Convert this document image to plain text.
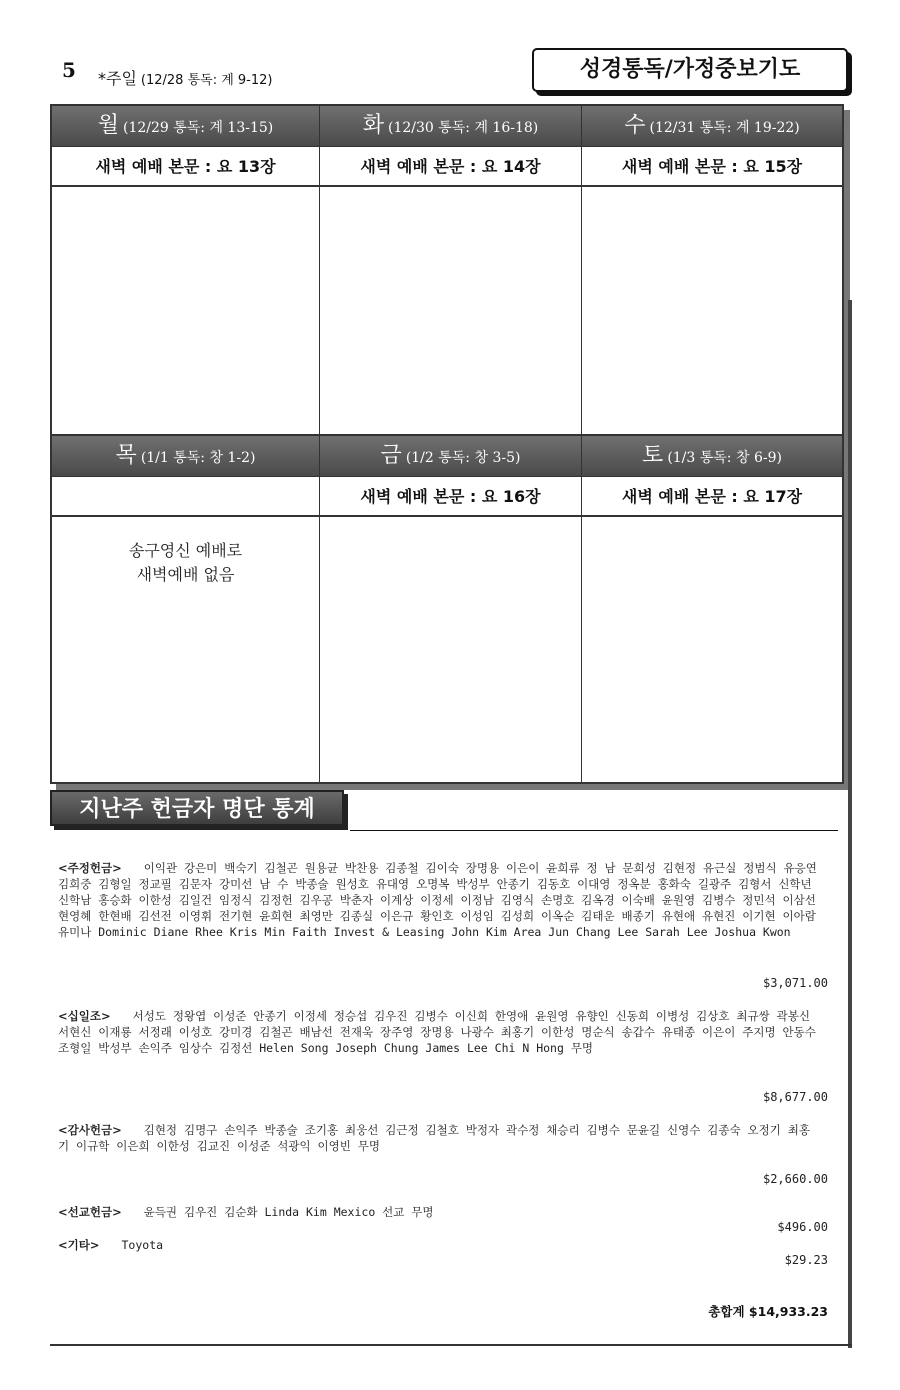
5 *주일 (12/28 통독: 계 9-12)	성경통독/가정중보기도
월 (12/29 통독: 계 13-15)
새벽 예배 본문 : 요 13장
화 (12/30 통독: 계 16-18)
새벽 예배 본문 : 요 14장
수 (12/31 통독: 계 19-22)
새벽 예배 본문 : 요 15장
목 (1/1 통독: 창 1-2)
송구영신 예배로
새벽예배 없음
금 (1/2 통독: 창 3-5)
새벽 예배 본문 : 요 16장
토 (1/3 통독: 창 6-9)
새벽 예배 본문 : 요 17장
지난주 헌금자 명단 통계
<주정헌금> 이익관 강은미 백숙기 김철곤 원용균 박찬용 김종철 김이숙 장명용 이은이 윤희류 정 남 문희성 김현정 유근실 정범식 유응연 김희중 김형일 정교필 김문자 강미선 남 수 박종술 원성호 유대영 오명복 박성부 안종기 김동호 이대영 정옥분 홍화숙 길광주 김형서 신학년 신학남 홍승화 이한성 김일건 임정식 김정헌 김우공 박춘자 이계상 이정세 이정남 김영식 손명호 김옥경 이숙배 윤원영 김병수 정민석 이삼선 현영혜 한현배 김선전 이영휘 전기현 윤희현 최영만 김종실 이은규 황인호 이성임 김성희 이옥순 김태운 배종기 유현애 유현진 이기현 이아람 유미나 Dominic Diane Rhee Kris Min Faith Invest & Leasing John Kim Area Jun Chang Lee Sarah Lee Joshua Kwon
$3,071.00
<십일조> 서성도 정왕엽 이성준 안종기 이정세 정승섭 김우진 김병수 이신희 한영애 윤원영 유향인 신동희 이병성 김상호 최규쌍 곽봉신 서현신 이재룡 서정래 이성호 강미경 김철곤 배남선 전재욱 장주영 장명용 나광수 최홍기 이한성 명순식 송갑수 유태종 이은이 주지명 안동수 조형일 박성부 손익주 임상수 김정선 Helen Song Joseph Chung James Lee Chi N Hong 무명
$8,677.00
<감사헌금> 김현정 김명구 손익주 박종술 조기홍 최웅선 김근정 김철호 박정자 곽수정 채승리 김병수 문윤길 신영수 김종숙 오정기 최홍기 이규학 이은희 이한성 김교진 이성준 석광익 이영빈 무명
$2,660.00
<선교헌금> 윤득권 김우진 김순화 Linda Kim Mexico 선교 무명
$496.00
<기타> Toyota
$29.23
총합계 $14,933.23
